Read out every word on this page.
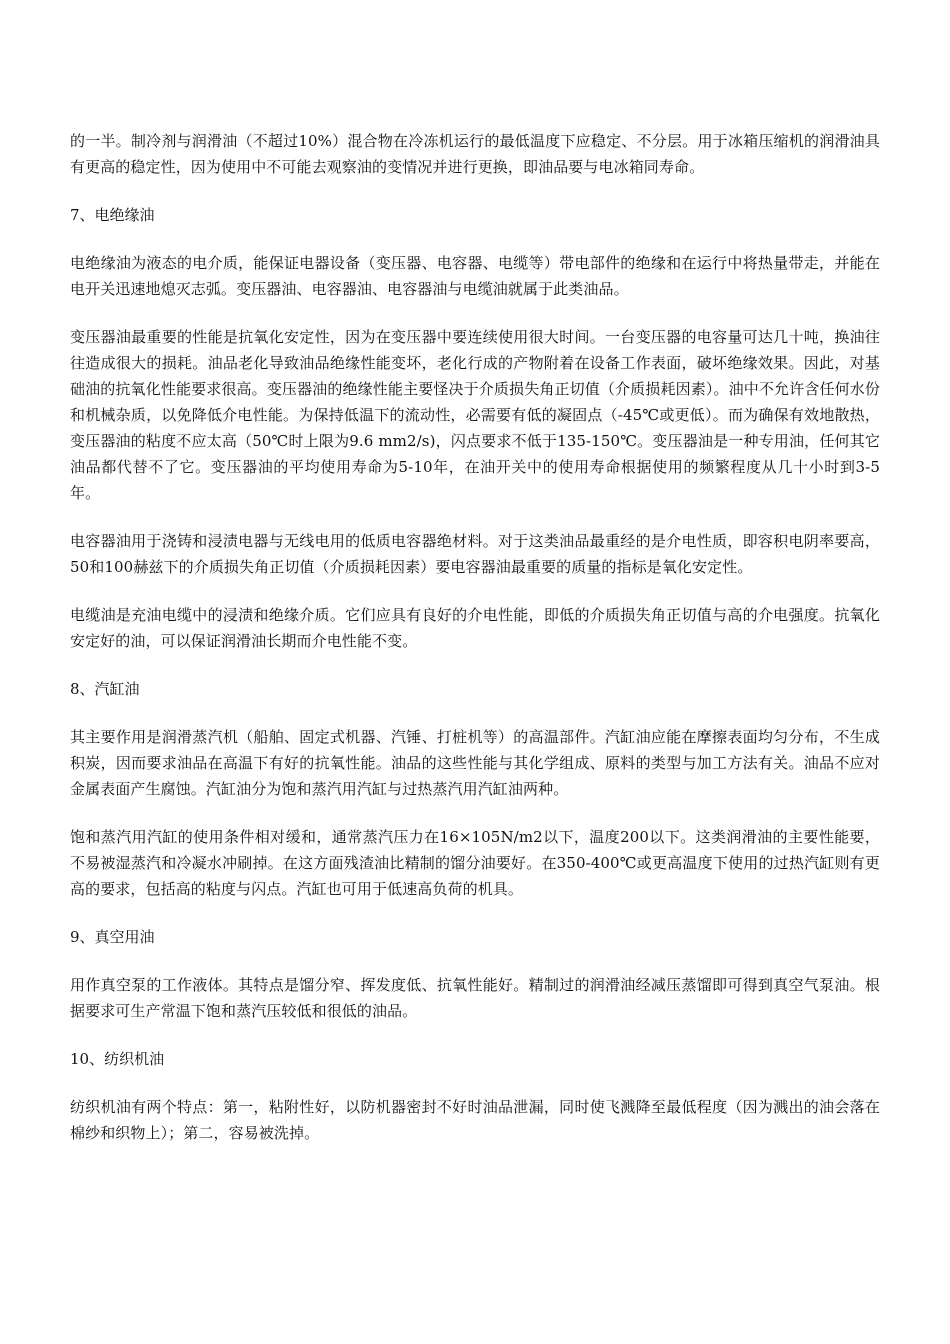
的一半。制冷剂与润滑油（不超过10%）混合物在冷冻机运行的最低温度下应稳定、不分层。用于冰箱压缩机的润滑油具有更高的稳定性，因为使用中不可能去观察油的变情况并进行更换，即油品要与电冰箱同寿命。

7、电绝缘油

电绝缘油为液态的电介质，能保证电器设备（变压器、电容器、电缆等）带电部件的绝缘和在运行中将热量带走，并能在电开关迅速地熄灭志弧。变压器油、电容器油、电容器油与电缆油就属于此类油品。

变压器油最重要的性能是抗氧化安定性，因为在变压器中要连续使用很大时间。一台变压器的电容量可达几十吨，换油往往造成很大的损耗。油品老化导致油品绝缘性能变坏，老化行成的产物附着在设备工作表面，破坏绝缘效果。因此，对基础油的抗氧化性能要求很高。变压器油的绝缘性能主要怪决于介质损失角正切值（介质损耗因素）。油中不允许含任何水份和机械杂质，以免降低介电性能。为保持低温下的流动性，必需要有低的凝固点（-45℃或更低）。而为确保有效地散热，变压器油的粘度不应太高（50℃时上限为9.6 mm2/s)，闪点要求不低于135-150℃。变压器油是一种专用油，任何其它油品都代替不了它。变压器油的平均使用寿命为5-10年，在油开关中的使用寿命根据使用的频繁程度从几十小时到3-5年。

电容器油用于浇铸和浸渍电器与无线电用的低质电容器绝材料。对于这类油品最重经的是介电性质，即容积电阴率要高，50和100赫兹下的介质损失角正切值（介质损耗因素）要电容器油最重要的质量的指标是氧化安定性。

电缆油是充油电缆中的浸渍和绝缘介质。它们应具有良好的介电性能，即低的介质损失角正切值与高的介电强度。抗氧化安定好的油，可以保证润滑油长期而介电性能不变。

8、汽缸油

其主要作用是润滑蒸汽机（船舶、固定式机器、汽锤、打桩机等）的高温部件。汽缸油应能在摩擦表面均匀分布，不生成积炭，因而要求油品在高温下有好的抗氧性能。油品的这些性能与其化学组成、原料的类型与加工方法有关。油品不应对金属表面产生腐蚀。汽缸油分为饱和蒸汽用汽缸与过热蒸汽用汽缸油两种。

饱和蒸汽用汽缸的使用条件相对缓和，通常蒸汽压力在16×105N/m2以下，温度200以下。这类润滑油的主要性能要，不易被湿蒸汽和冷凝水冲刷掉。在这方面残渣油比精制的馏分油要好。在350-400℃或更高温度下使用的过热汽缸则有更高的要求，包括高的粘度与闪点。汽缸也可用于低速高负荷的机具。

9、真空用油

用作真空泵的工作液体。其特点是馏分窄、挥发度低、抗氧性能好。精制过的润滑油经减压蒸馏即可得到真空气泵油。根据要求可生产常温下饱和蒸汽压较低和很低的油品。

10、纺织机油

纺织机油有两个特点：第一，粘附性好，以防机器密封不好时油品泄漏，同时使飞溅降至最低程度（因为溅出的油会落在棉纱和织物上）；第二，容易被洗掉。
